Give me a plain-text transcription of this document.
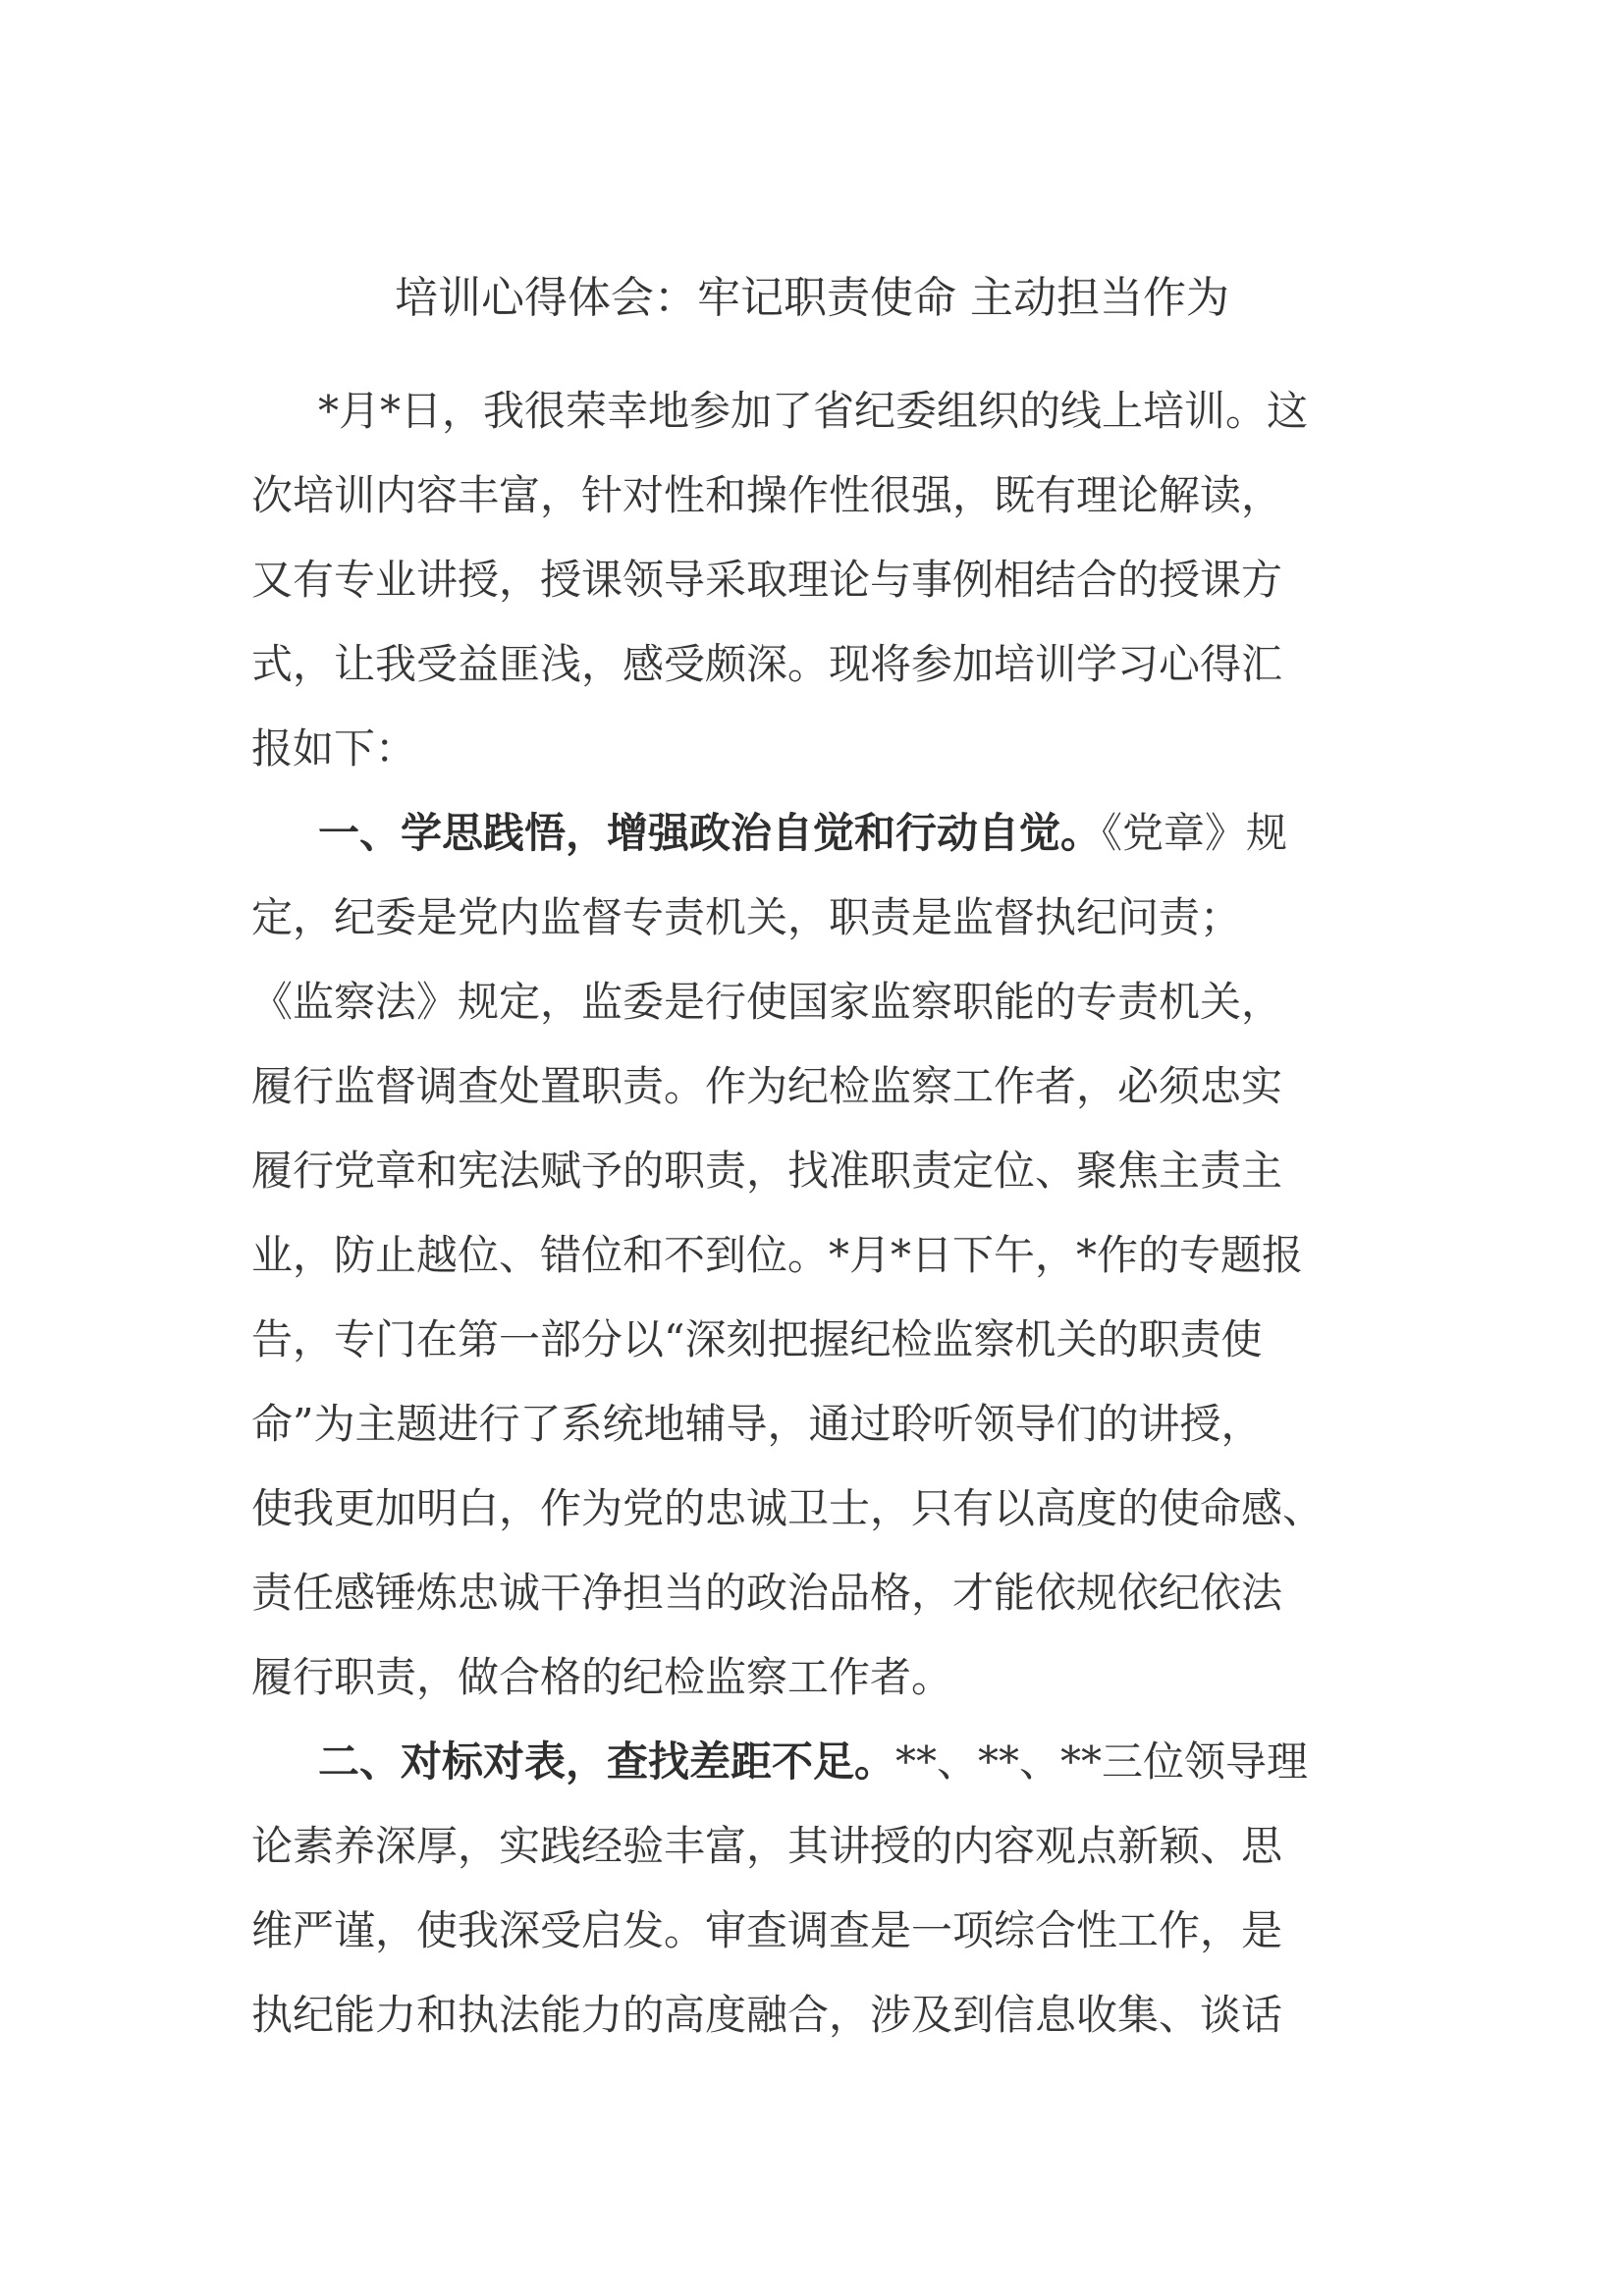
培训心得体会：牢记职责使命 主动担当作为
*月*日，我很荣幸地参加了省纪委组织的线上培训。这
次培训内容丰富，针对性和操作性很强，既有理论解读，
又有专业讲授，授课领导采取理论与事例相结合的授课方
式，让我受益匪浅，感受颇深。现将参加培训学习心得汇
报如下：
一、学思践悟，增强政治自觉和行动自觉。《党章》规
定，纪委是党内监督专责机关，职责是监督执纪问责；
《监察法》规定，监委是行使国家监察职能的专责机关，
履行监督调查处置职责。作为纪检监察工作者，必须忠实
履行党章和宪法赋予的职责，找准职责定位、聚焦主责主
业，防止越位、错位和不到位。*月*日下午，*作的专题报
告，专门在第一部分以“深刻把握纪检监察机关的职责使
命”为主题进行了系统地辅导，通过聆听领导们的讲授，
使我更加明白，作为党的忠诚卫士，只有以高度的使命感、
责任感锤炼忠诚干净担当的政治品格，才能依规依纪依法
履行职责，做合格的纪检监察工作者。
二、对标对表，查找差距不足。**、**、**三位领导理
论素养深厚，实践经验丰富，其讲授的内容观点新颖、思
维严谨，使我深受启发。审查调查是一项综合性工作，是
执纪能力和执法能力的高度融合，涉及到信息收集、谈话
